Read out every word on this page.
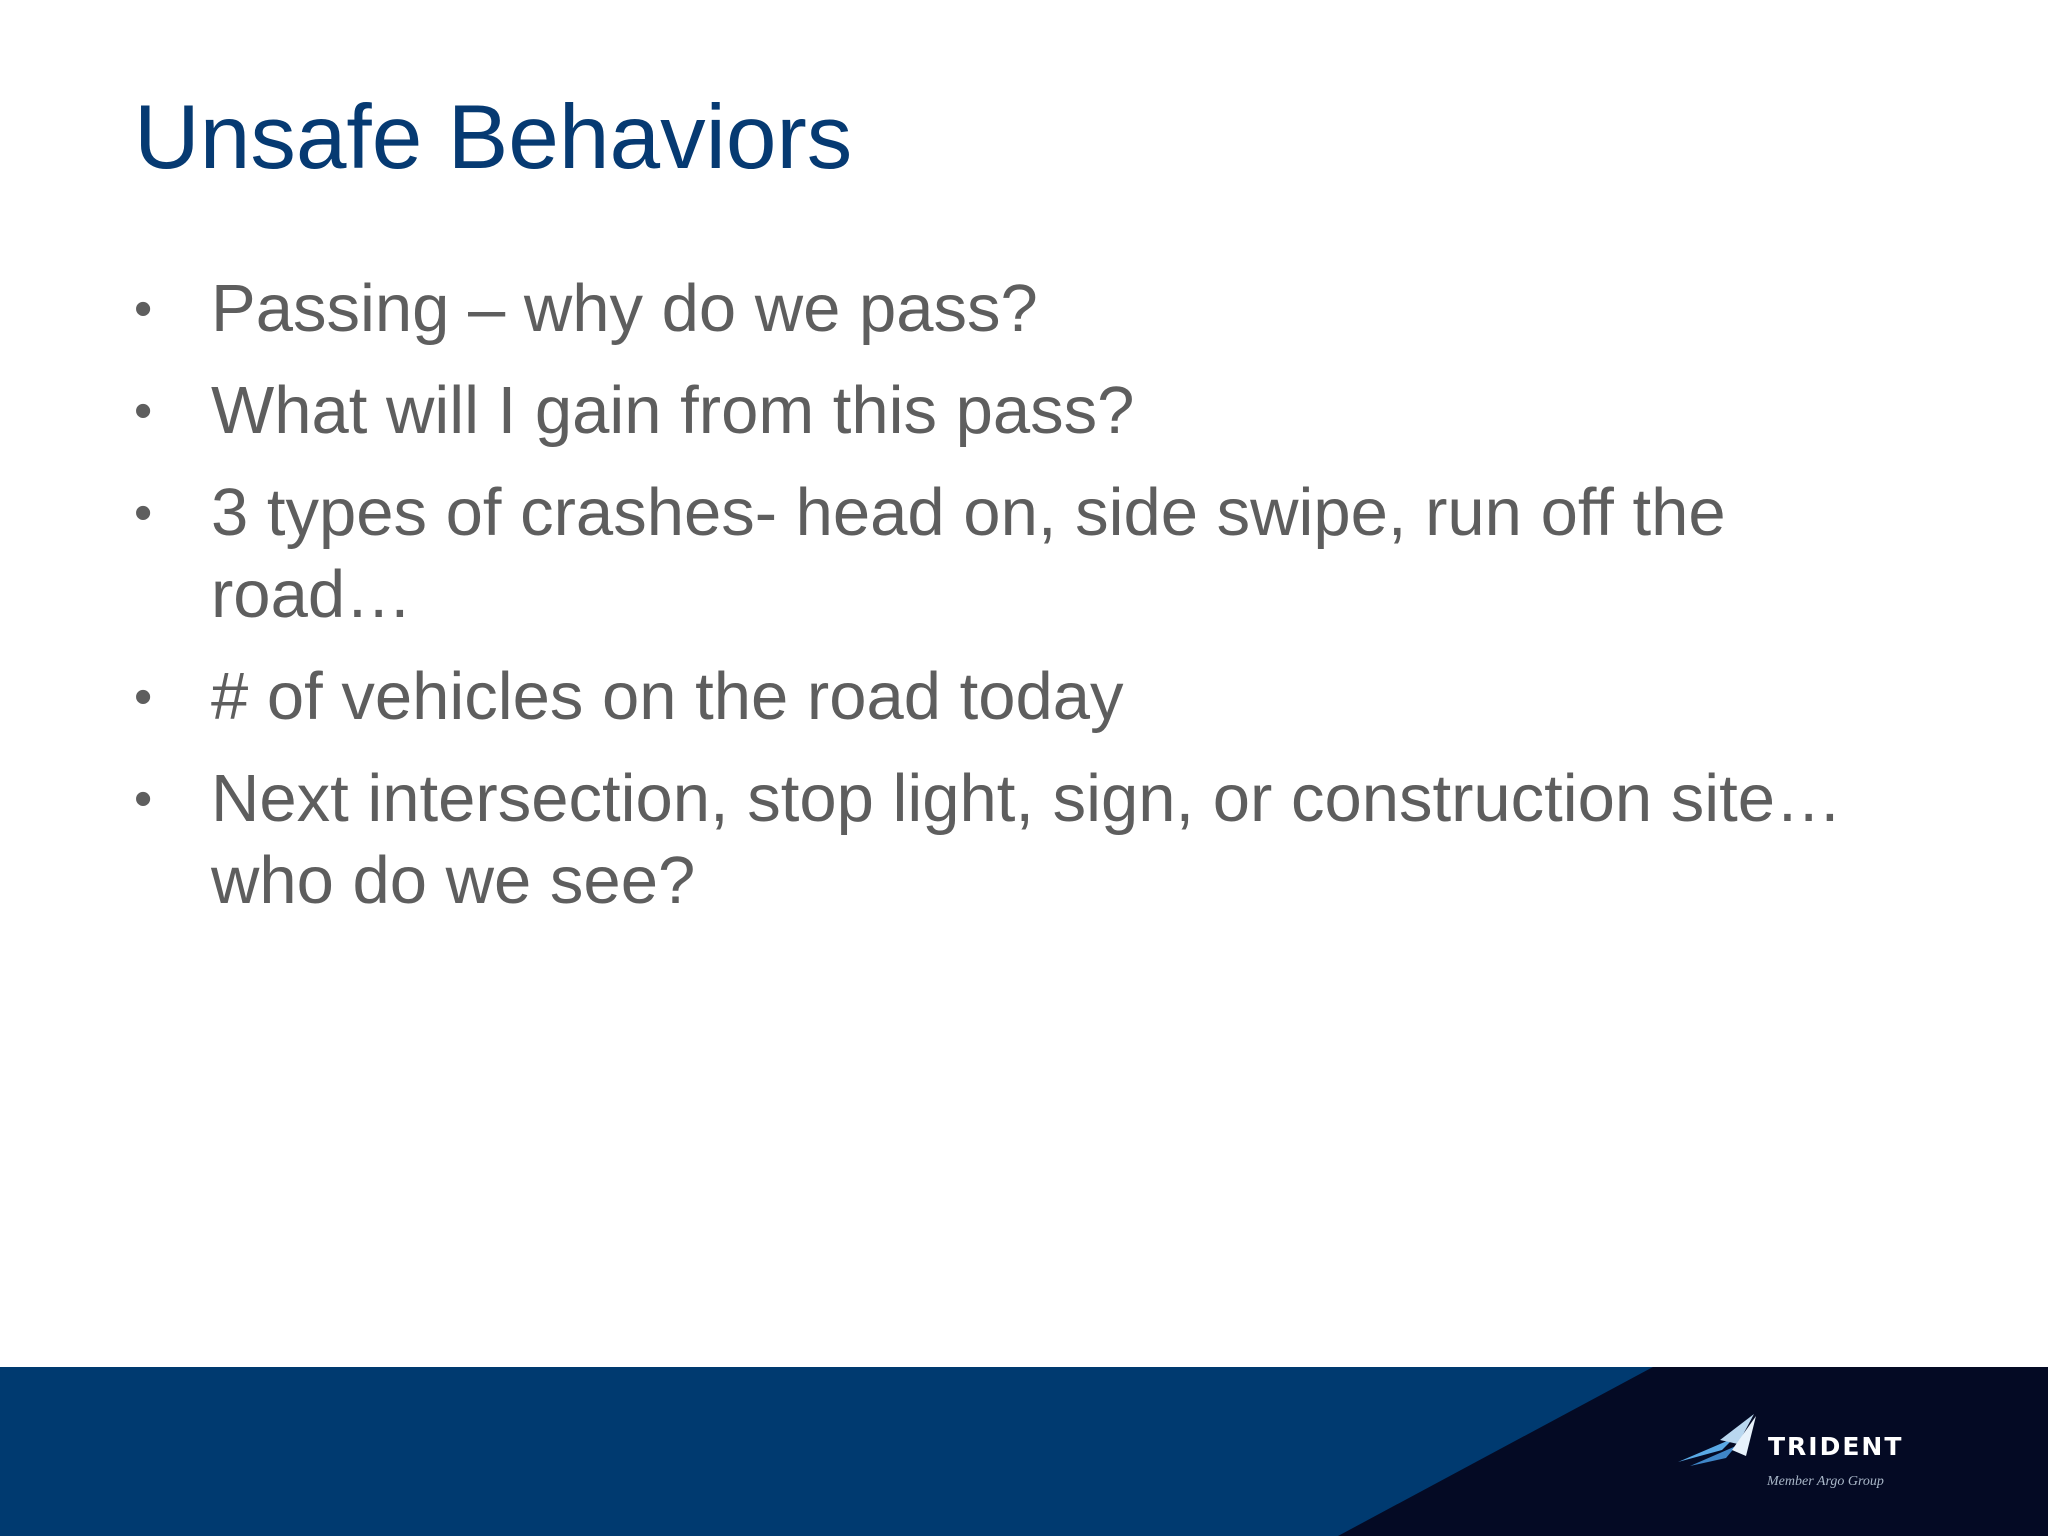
Unsafe Behaviors
• Passing – why do we pass?
• What will I gain from this pass?
• 3 types of crashes- head on, side swipe, run off the road…
• # of vehicles on the road today
• Next intersection, stop light, sign, or construction site… who do we see?
TRIDENT
Member Argo Group
